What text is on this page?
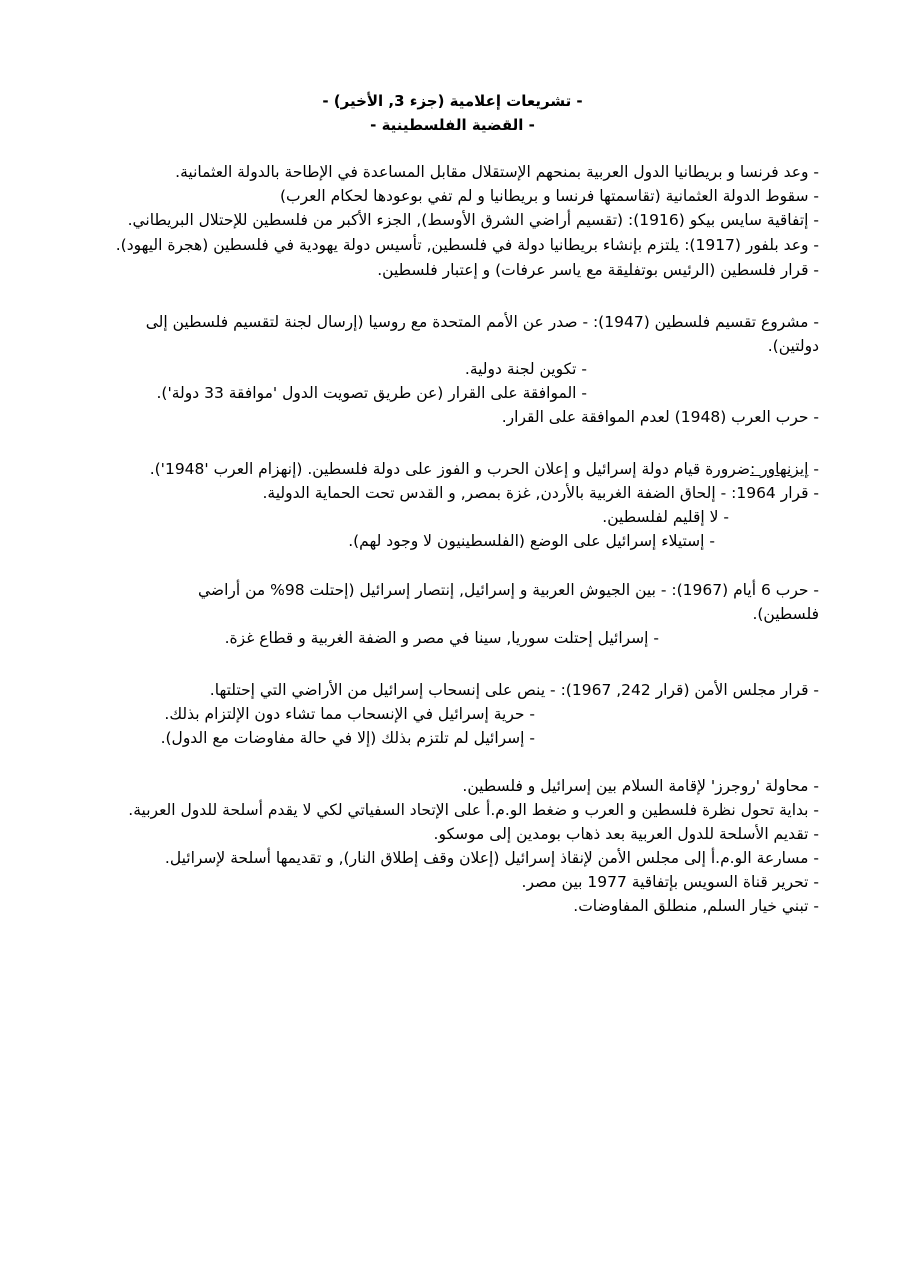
- تشريعات إعلامية (جزء 3, الأخير) -
- القضية الفلسطينية -
- وعد فرنسا و بريطانيا الدول العربية بمنحهم الإستقلال مقابل المساعدة في الإطاحة بالدولة العثمانية.
- سقوط الدولة العثمانية (تقاسمتها فرنسا و بريطانيا و لم تفي بوعودها لحكام العرب)
- إتفاقية سايس بيكو (1916): (تقسيم أراضي الشرق الأوسط), الجزء الأكبر من فلسطين للإحتلال البريطاني.
- وعد بلفور (1917): يلتزم بإنشاء بريطانيا دولة في فلسطين, تأسيس دولة يهودية في فلسطين (هجرة اليهود).
- قرار فلسطين (الرئيس بوتفليقة مع ياسر عرفات) و إعتبار فلسطين.
- مشروع تقسيم فلسطين (1947): - صدر عن الأمم المتحدة مع روسيا (إرسال لجنة لتقسيم فلسطين إلى
دولتين).
- تكوين لجنة دولية.
- الموافقة على القرار (عن طريق تصويت الدول 'موافقة 33 دولة').
- حرب العرب (1948) لعدم الموافقة على القرار.
- إيزنهاور :ضرورة قيام دولة إسرائيل و إعلان الحرب و الفوز على دولة فلسطين. (إنهزام العرب '1948').
- قرار 1964: - إلحاق الضفة الغربية بالأردن, غزة بمصر, و القدس تحت الحماية الدولية.
- لا إقليم لفلسطين.
- إستيلاء إسرائيل على الوضع (الفلسطينيون لا وجود لهم).
- حرب 6 أيام (1967): - بين الجيوش العربية و إسرائيل, إنتصار إسرائيل (إحتلت 98% من أراضي
فلسطين).
- إسرائيل إحتلت سوريا, سينا في مصر و الضفة الغربية و قطاع غزة.
- قرار مجلس الأمن (قرار 242, 1967): - ينص على إنسحاب إسرائيل من الأراضي التي إحتلتها.
- حرية إسرائيل في الإنسحاب مما تشاء دون الإلتزام بذلك.
- إسرائيل لم تلتزم بذلك (إلا في حالة مفاوضات مع الدول).
- محاولة 'روجرز' لإقامة السلام بين إسرائيل و فلسطين.
- بداية تحول نظرة فلسطين و العرب و ضغط الو.م.أ على الإتحاد السفياتي لكي لا يقدم أسلحة للدول العربية.
- تقديم الأسلحة للدول العربية بعد ذهاب بومدين إلى موسكو.
- مسارعة الو.م.أ إلى مجلس الأمن لإنقاذ إسرائيل (إعلان وقف إطلاق النار), و تقديمها أسلحة لإسرائيل.
- تحرير قناة السويس بإتفاقية 1977 بين مصر.
- تبني خيار السلم, منطلق المفاوضات.
